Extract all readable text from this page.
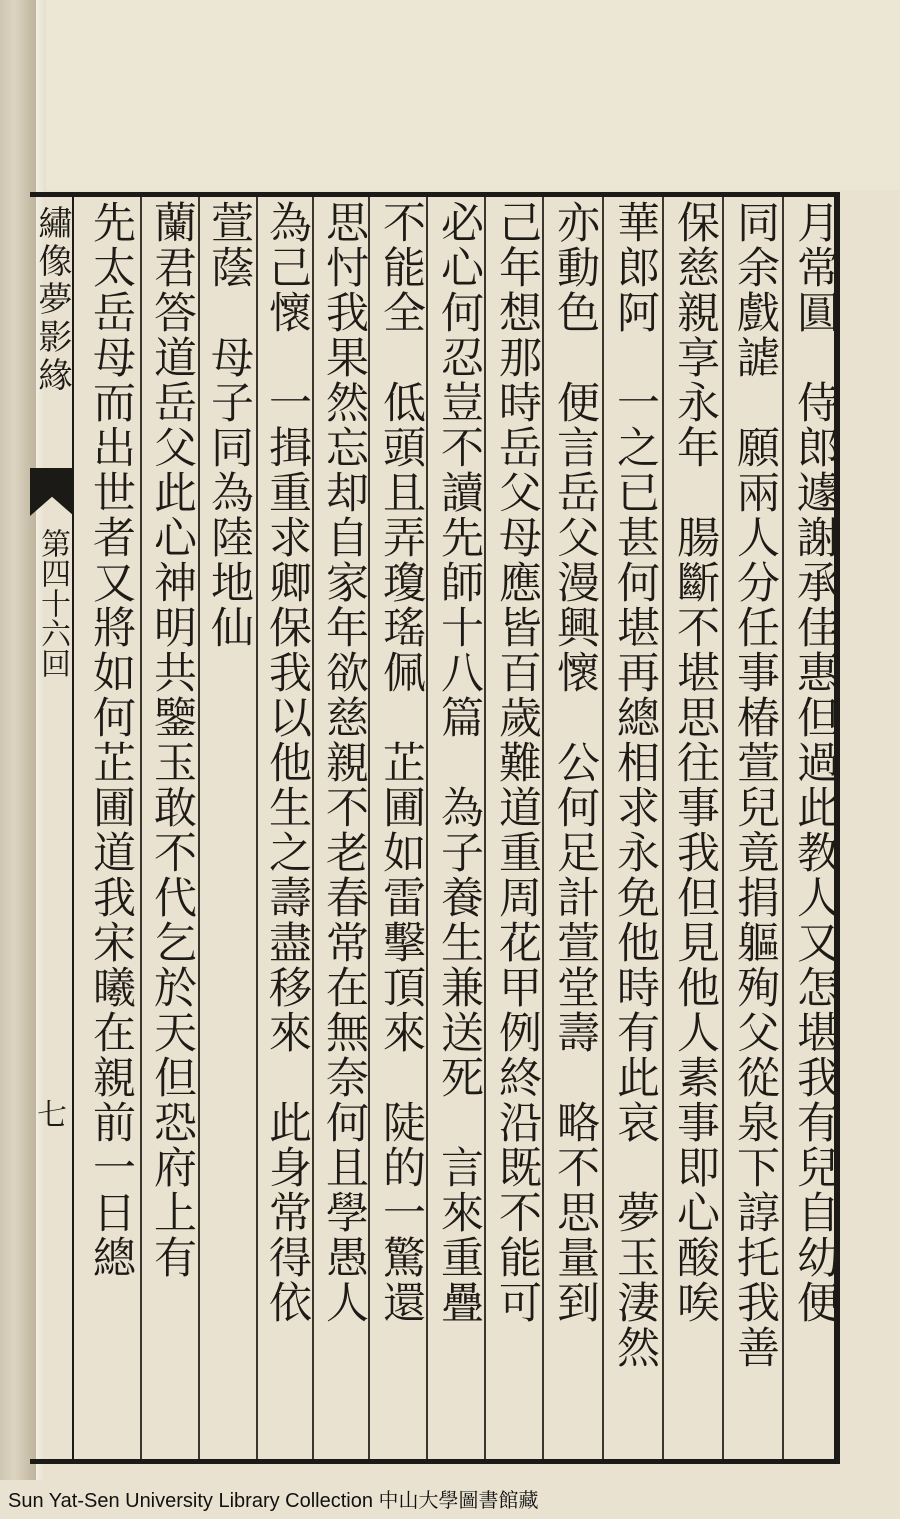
繡像夢影緣
第四十六回
七	月常圓　侍郎遽謝承佳惠但過此教人又怎堪我有兒自幼便
同余戲謔　願兩人分任事椿萱兒竟捐軀殉父從泉下諄托我善
保慈親享永年　腸斷不堪思往事我但見他人素事即心酸唉
華郎阿　一之已甚何堪再總相求永免他時有此哀　夢玉淒然
亦動色　便言岳父漫興懷　公何足計萱堂壽　略不思量到
己年想那時岳父母應皆百歲難道重周花甲例終沿既不能可
必心何忍豈不讀先師十八篇　為子養生兼送死　言來重疊
不能全　低頭且弄瓊瑤佩　芷圃如雷擊頂來　陡的一驚還
思忖我果然忘却自家年欲慈親不老春常在無奈何且學愚人
為己懷　一揖重求卿保我以他生之壽盡移來　此身常得依
萱蔭　母子同為陸地仙
蘭君答道岳父此心神明共鑒玉敢不代乞於天但恐府上有
先太岳母而出世者又將如何芷圃道我宋曦在親前一日總
Sun Yat-Sen University Library Collection 中山大學圖書館藏
